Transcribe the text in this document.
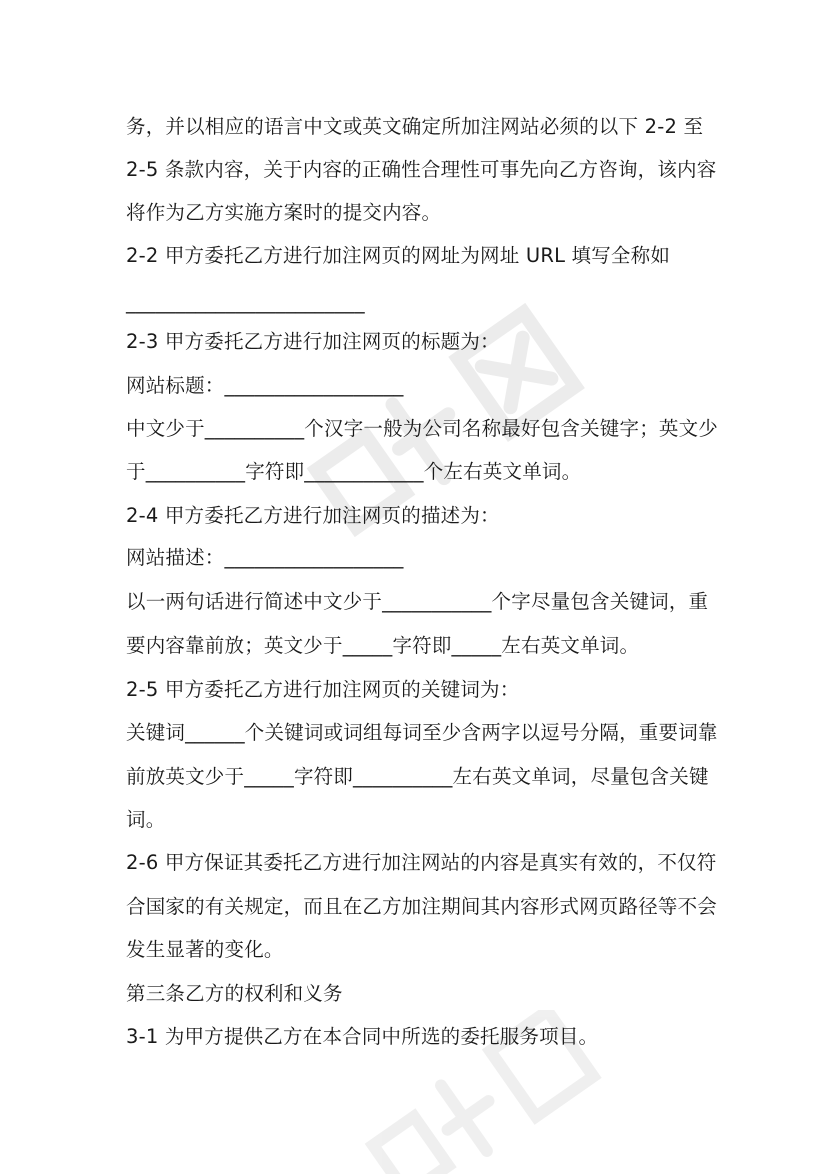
务，并以相应的语言中文或英文确定所加注网站必须的以下 2-2 至
2-5 条款内容，关于内容的正确性合理性可事先向乙方咨询，该内容
将作为乙方实施方案时的提交内容。
2-2 甲方委托乙方进行加注网页的网址为网址 URL 填写全称如
________________________
2-3 甲方委托乙方进行加注网页的标题为：
网站标题：__________________
中文少于__________个汉字一般为公司名称最好包含关键字；英文少
于__________字符即____________个左右英文单词。
2-4 甲方委托乙方进行加注网页的描述为：
网站描述：__________________
以一两句话进行简述中文少于___________个字尽量包含关键词，重
要内容靠前放；英文少于_____字符即_____左右英文单词。
2-5 甲方委托乙方进行加注网页的关键词为：
关键词______个关键词或词组每词至少含两字以逗号分隔，重要词靠
前放英文少于_____字符即__________左右英文单词，尽量包含关键
词。
2-6 甲方保证其委托乙方进行加注网站的内容是真实有效的，不仅符
合国家的有关规定，而且在乙方加注期间其内容形式网页路径等不会
发生显著的变化。
第三条乙方的权利和义务
3-1 为甲方提供乙方在本合同中所选的委托服务项目。
